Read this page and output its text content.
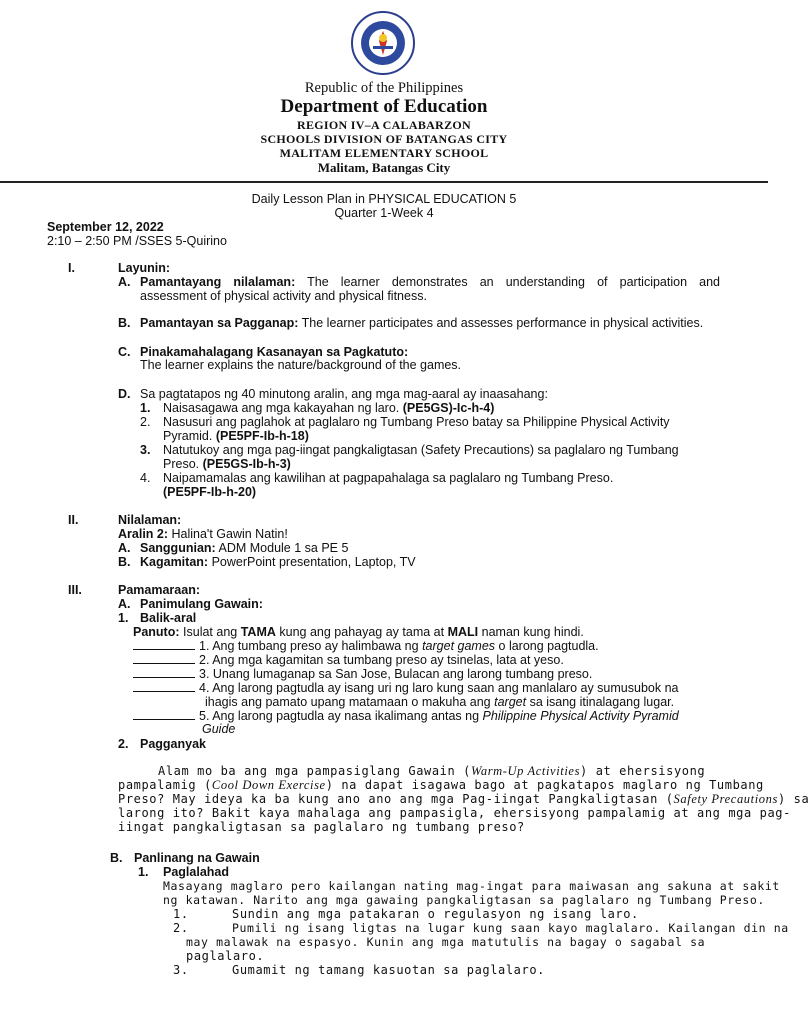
Republic of the Philippines
Department of Education
REGION IV–A CALABARZON
SCHOOLS DIVISION OF BATANGAS CITY
MALITAM ELEMENTARY SCHOOL
Malitam, Batangas City
Daily Lesson Plan in PHYSICAL EDUCATION 5
Quarter 1-Week 4
September 12, 2022
2:10 – 2:50 PM /SSES 5-Quirino
I.	Layunin:
A. Pamantayang nilalaman: The learner demonstrates an understanding of participation and
assessment of physical activity and physical fitness.
B. Pamantayan sa Pagganap: The learner participates and assesses performance in physical activities.
C. Pinakamahalagang Kasanayan sa Pagkatuto:
The learner explains the nature/background of the games.
D. Sa pagtatapos ng 40 minutong aralin, ang mga mag-aaral ay inaasahang:
1. Naisasagawa ang mga kakayahan ng laro. (PE5GS)-Ic-h-4)
2. Nasusuri ang paglahok at paglalaro ng Tumbang Preso batay sa Philippine Physical Activity
Pyramid. (PE5PF-Ib-h-18)
3. Natutukoy ang mga pag-iingat pangkaligtasan (Safety Precautions) sa paglalaro ng Tumbang
Preso. (PE5GS-Ib-h-3)
4. Naipamamalas ang kawilihan at pagpapahalaga sa paglalaro ng Tumbang Preso.
(PE5PF-Ib-h-20)
II.	Nilalaman:
Aralin 2: Halina't Gawin Natin!
A. Sanggunian: ADM Module 1 sa PE 5
B. Kagamitan: PowerPoint presentation, Laptop, TV
III.	Pamamaraan:
A. Panimulang Gawain:
1. Balik-aral
Panuto: Isulat ang TAMA kung ang pahayag ay tama at MALI naman kung hindi.
1. Ang tumbang preso ay halimbawa ng target games o larong pagtudla.
2. Ang mga kagamitan sa tumbang preso ay tsinelas, lata at yeso.
3. Unang lumaganap sa San Jose, Bulacan ang larong tumbang preso.
4. Ang larong pagtudla ay isang uri ng laro kung saan ang manlalaro ay sumusubok na
ihagis ang pamato upang matamaan o makuha ang target sa isang itinalagang lugar.
5. Ang larong pagtudla ay nasa ikalimang antas ng Philippine Physical Activity Pyramid
Guide
2. Pagganyak
Alam mo ba ang mga pampasiglang Gawain (Warm-Up Activities) at ehersisyong
pampalamig (Cool Down Exercise) na dapat isagawa bago at pagkatapos maglaro ng Tumbang
Preso? May ideya ka ba kung ano ano ang mga Pag-iingat Pangkaligtasan (Safety Precautions) sa
larong ito? Bakit kaya mahalaga ang pampasigla, ehersisyong pampalamig at ang mga pag-
iingat pangkaligtasan sa paglalaro ng tumbang preso?
B. Panlinang na Gawain
1. Paglalahad
Masayang maglaro pero kailangan nating mag-ingat para maiwasan ang sakuna at sakit
ng katawan. Narito ang mga gawaing pangkaligtasan sa paglalaro ng Tumbang Preso.
1.	Sundin ang mga patakaran o regulasyon ng isang laro.
2.	Pumili ng isang ligtas na lugar kung saan kayo maglalaro. Kailangan din na
may malawak na espasyo. Kunin ang mga matutulis na bagay o sagabal sa
paglalaro.
3.	Gumamit ng tamang kasuotan sa paglalaro.
